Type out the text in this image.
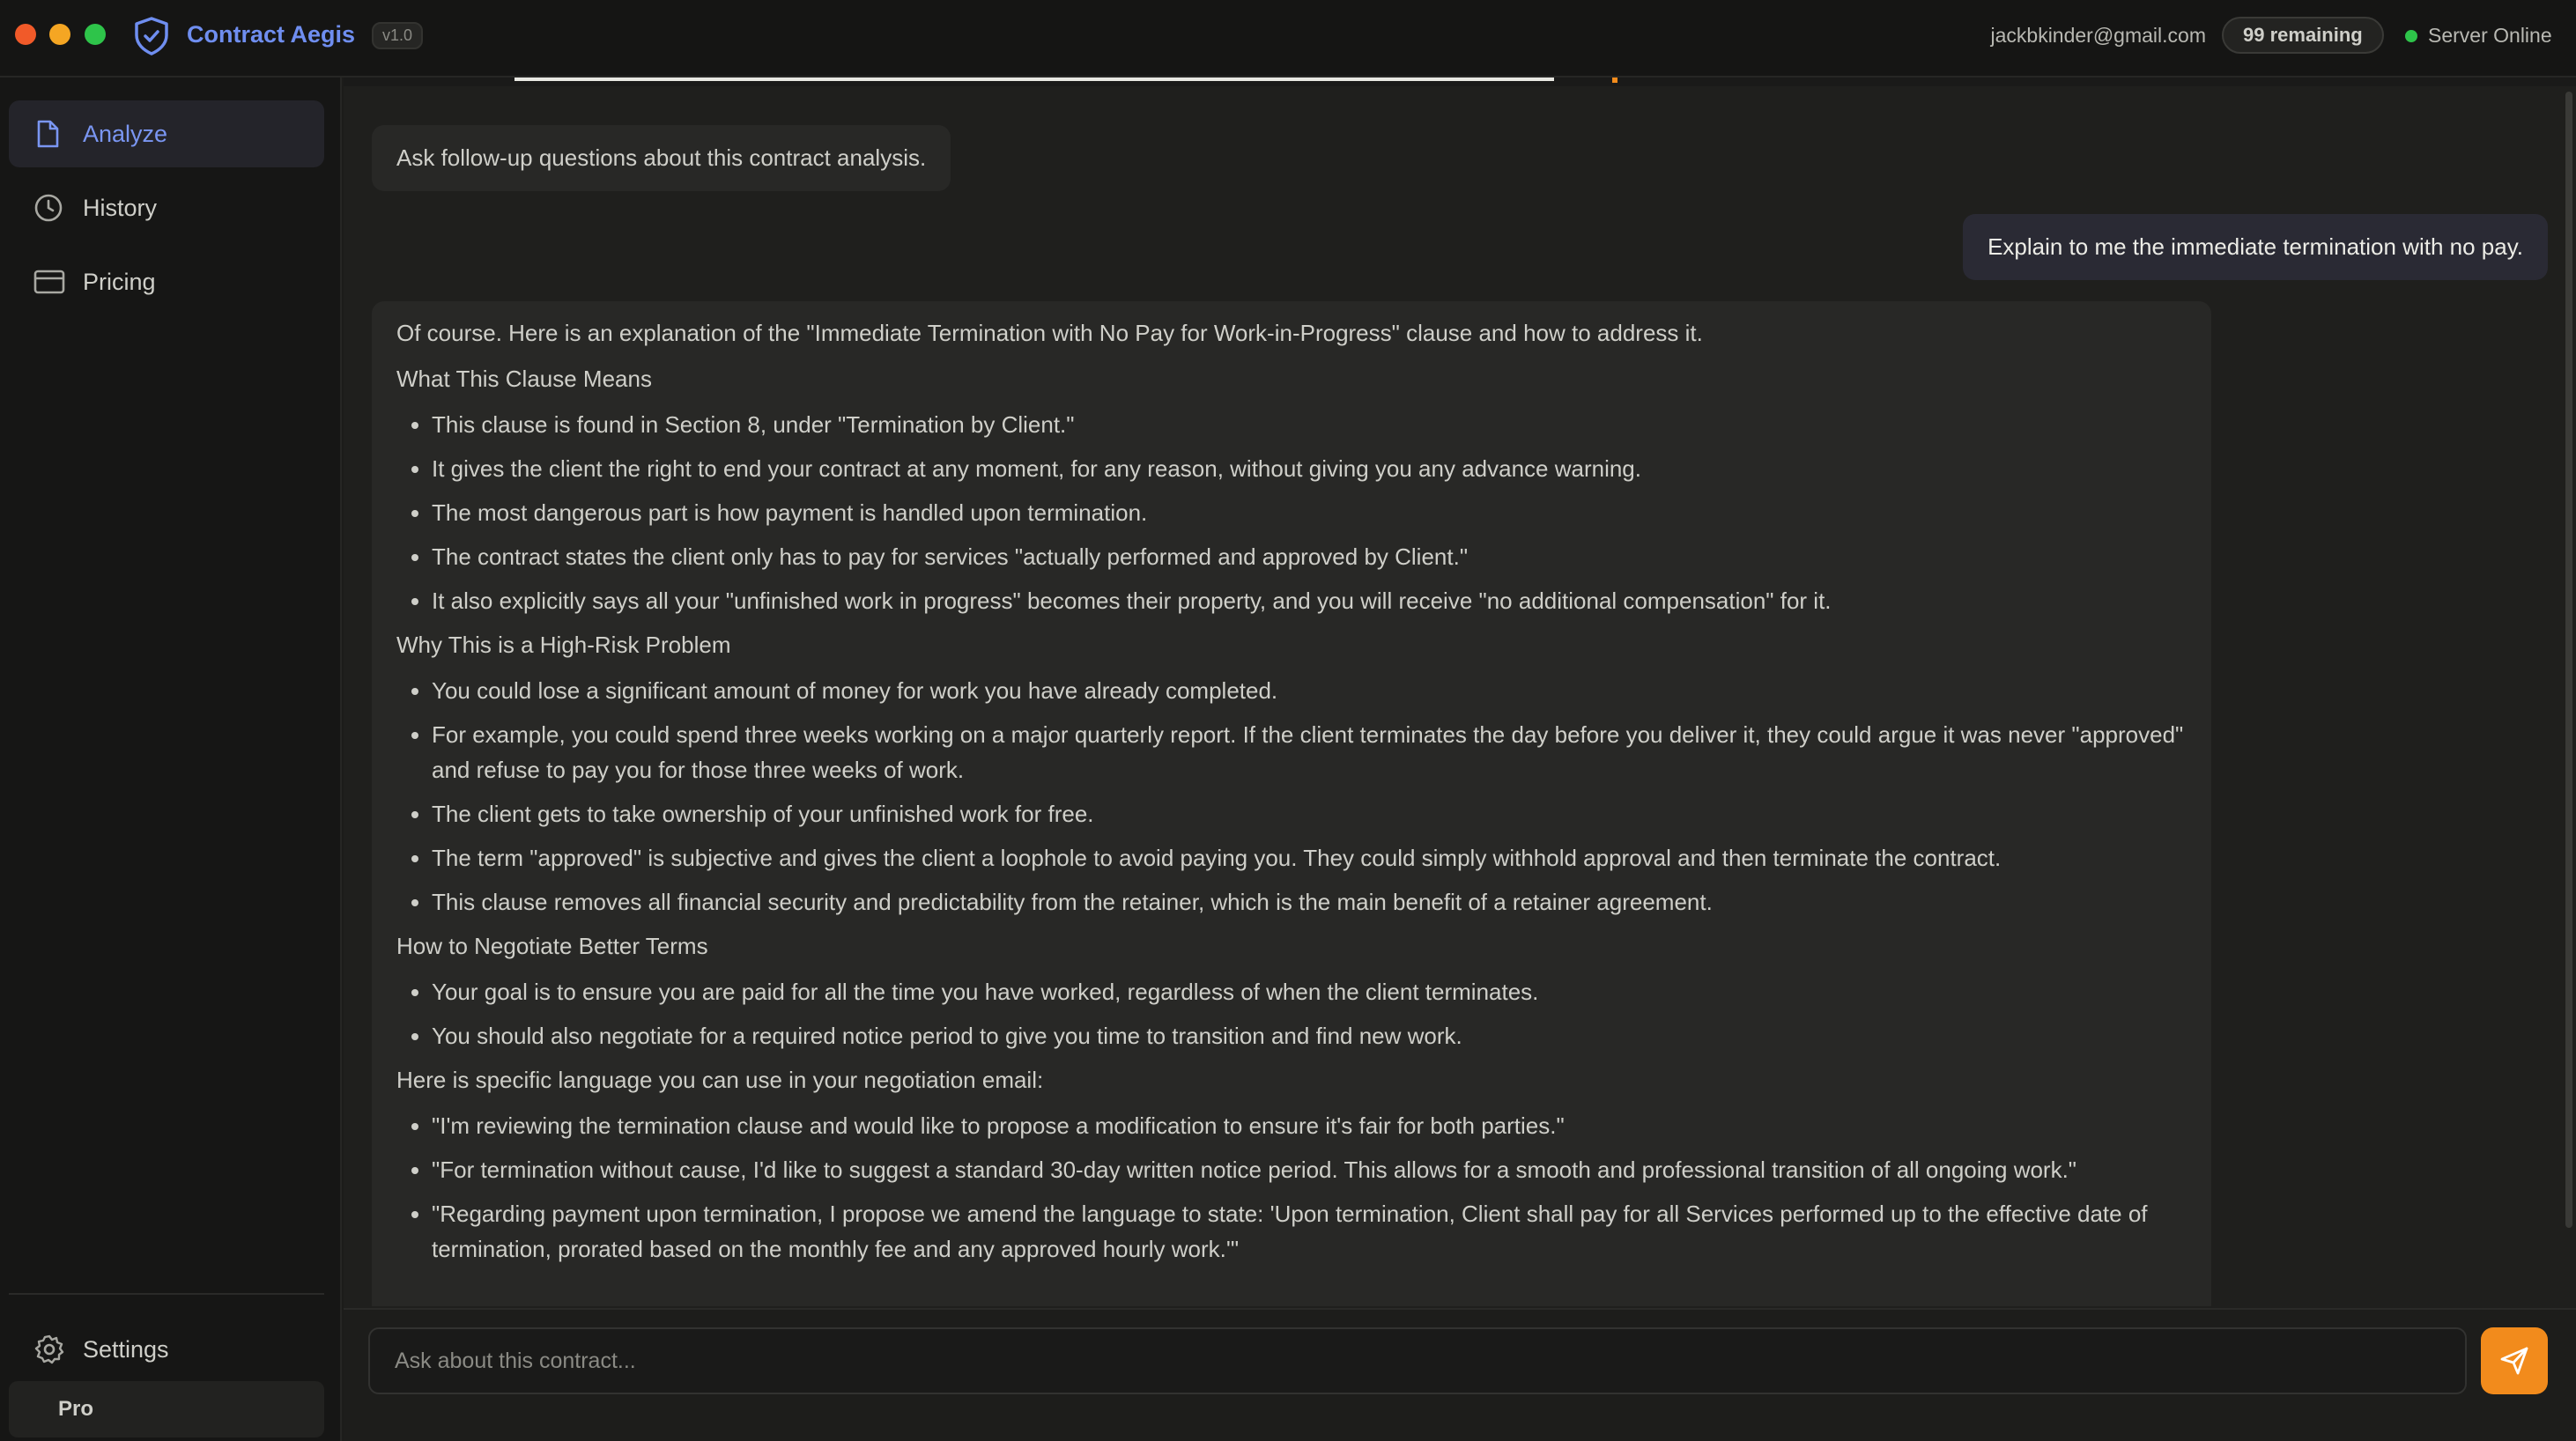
Contract Aegis	v1.0	jackbkinder@gmail.com	99 remaining	Server Online
Analyze
History
Pricing
Settings
Pro
Ask follow-up questions about this contract analysis.
Explain to me the immediate termination with no pay.

Of course. Here is an explanation of the "Immediate Termination with No Pay for Work-in-Progress" clause and how to address it.

What This Clause Means

• This clause is found in Section 8, under "Termination by Client."
• It gives the client the right to end your contract at any moment, for any reason, without giving you any advance warning.
• The most dangerous part is how payment is handled upon termination.
• The contract states the client only has to pay for services "actually performed and approved by Client."
• It also explicitly says all your "unfinished work in progress" becomes their property, and you will receive "no additional compensation" for it.

Why This is a High-Risk Problem

• You could lose a significant amount of money for work you have already completed.
• For example, you could spend three weeks working on a major quarterly report. If the client terminates the day before you deliver it, they could argue it was never "approved" and refuse to pay you for those three weeks of work.
• The client gets to take ownership of your unfinished work for free.
• The term "approved" is subjective and gives the client a loophole to avoid paying you. They could simply withhold approval and then terminate the contract.
• This clause removes all financial security and predictability from the retainer, which is the main benefit of a retainer agreement.

How to Negotiate Better Terms

• Your goal is to ensure you are paid for all the time you have worked, regardless of when the client terminates.
• You should also negotiate for a required notice period to give you time to transition and find new work.

Here is specific language you can use in your negotiation email:

• "I'm reviewing the termination clause and would like to propose a modification to ensure it's fair for both parties."
• "For termination without cause, I'd like to suggest a standard 30-day written notice period. This allows for a smooth and professional transition of all ongoing work."
• "Regarding payment upon termination, I propose we amend the language to state: 'Upon termination, Client shall pay for all Services performed up to the effective date of termination, prorated based on the monthly fee and any approved hourly work.'"
Ask about this contract...
